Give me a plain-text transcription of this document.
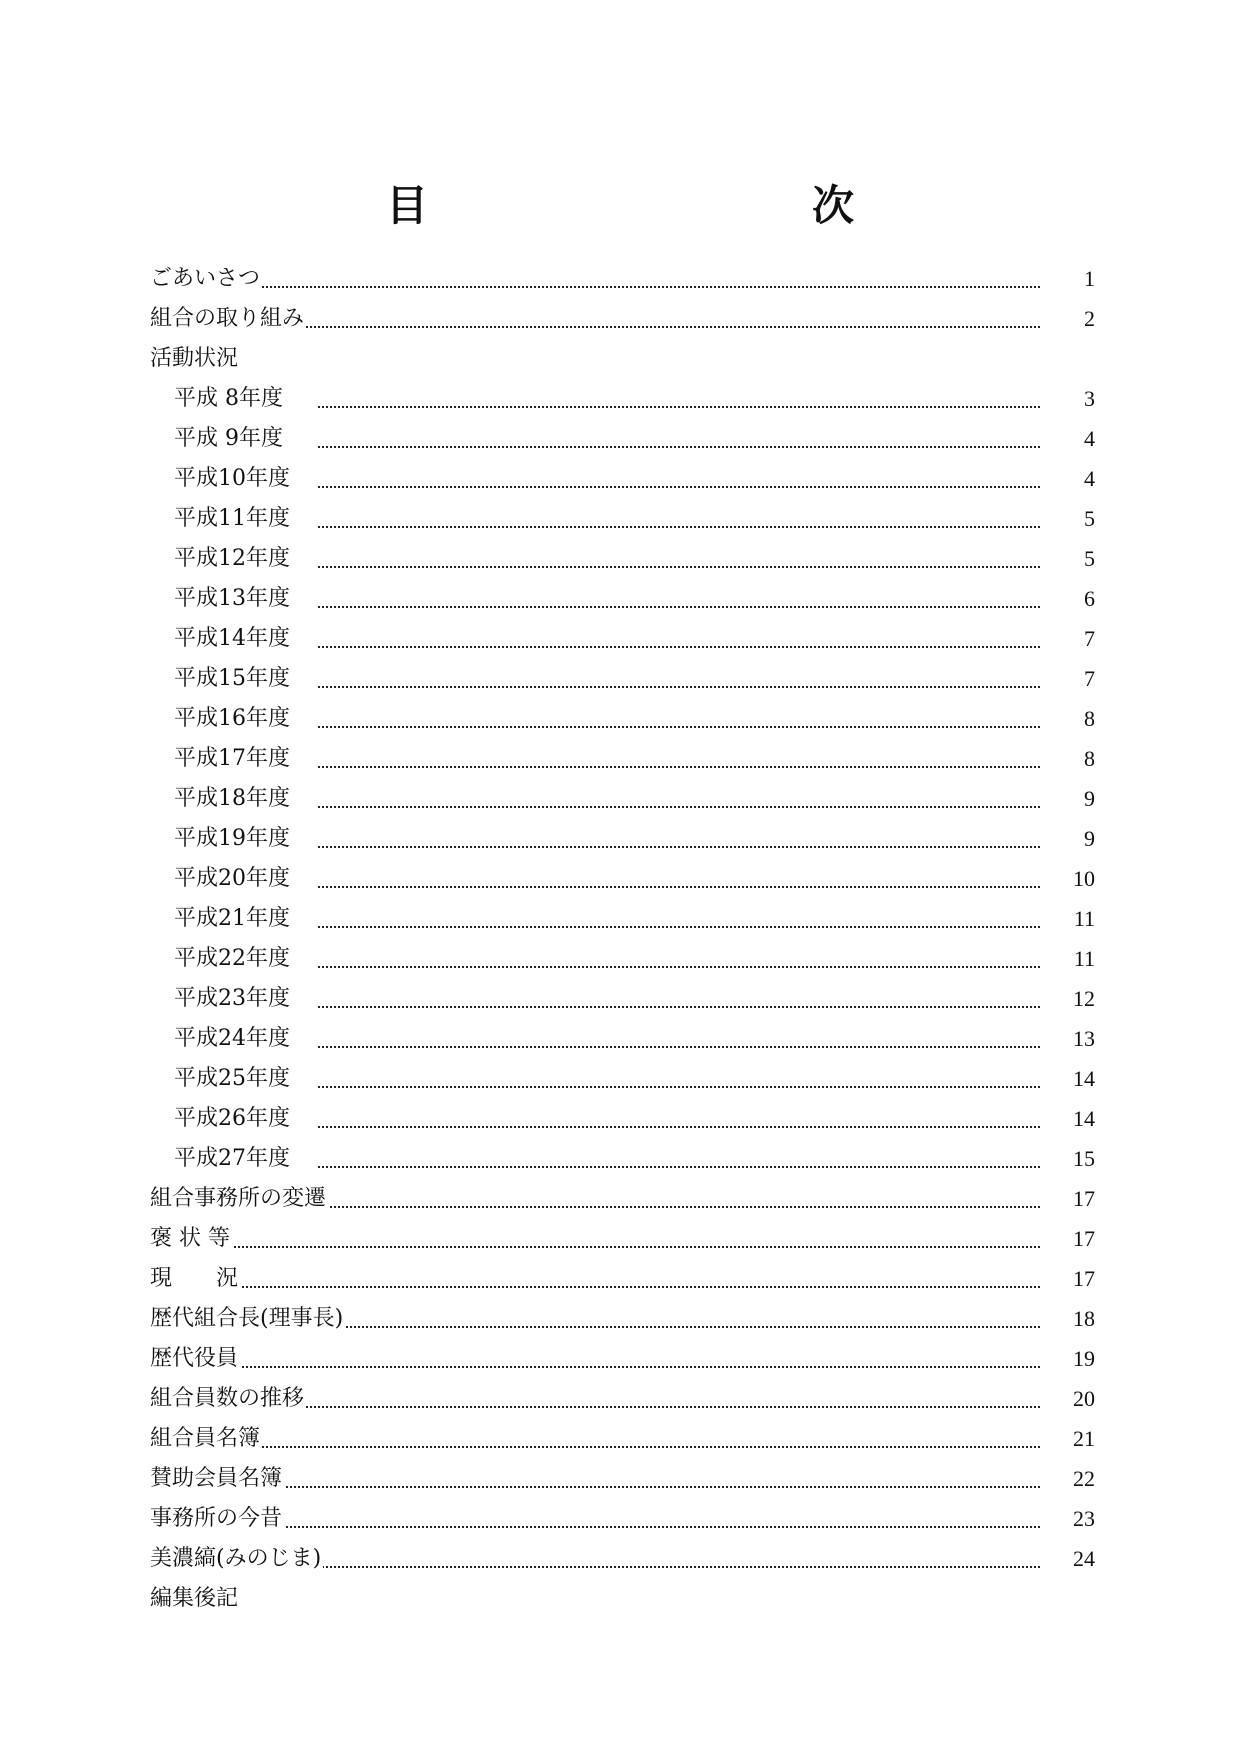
目　　次
ごあいさつ	1
組合の取り組み	2
活動状況
平成 8年度	3
平成 9年度	4
平成10年度	4
平成11年度	5
平成12年度	5
平成13年度	6
平成14年度	7
平成15年度	7
平成16年度	8
平成17年度	8
平成18年度	9
平成19年度	9
平成20年度	10
平成21年度	11
平成22年度	11
平成23年度	12
平成24年度	13
平成25年度	14
平成26年度	14
平成27年度	15
組合事務所の変遷	17
褒 状 等	17
現　　況	17
歴代組合長(理事長)	18
歴代役員	19
組合員数の推移	20
組合員名簿	21
賛助会員名簿	22
事務所の今昔	23
美濃縞(みのじま)	24
編集後記
